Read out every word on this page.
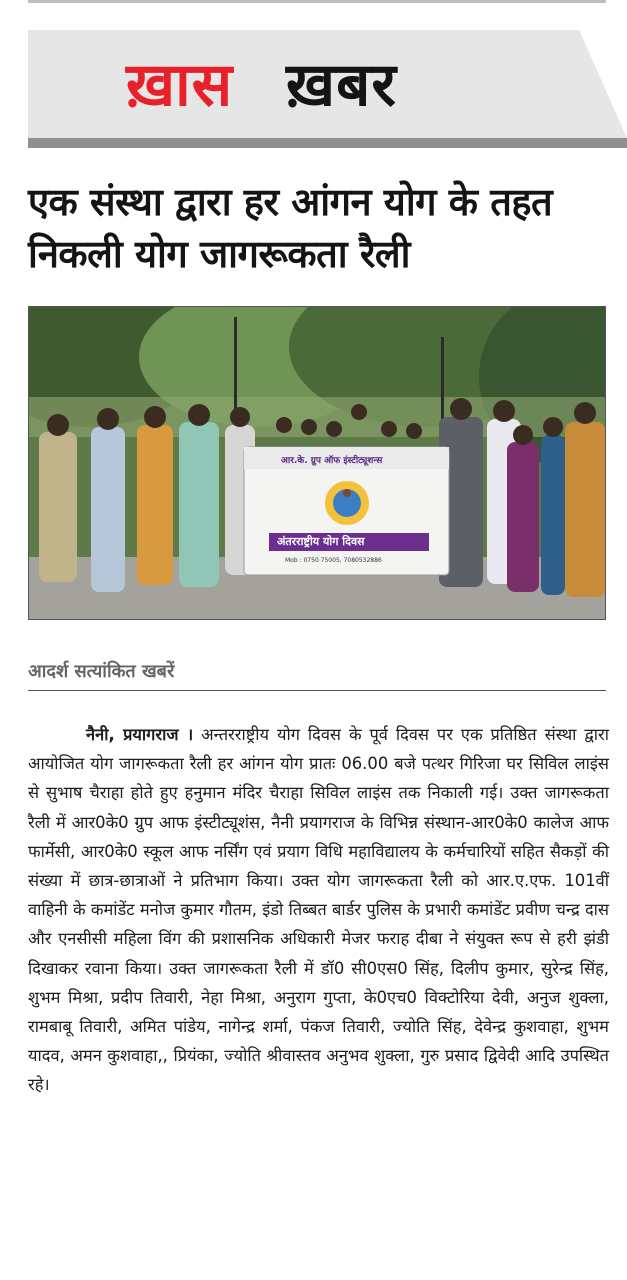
ख़ास ख़बर
एक संस्था द्वारा हर आंगन योग के तहत निकली योग जागरूकता रैली
आर.के. ग्रुप ऑफ इंस्टीट्यूशन्स
अंतरराष्ट्रीय योग दिवस
Mob : 0750 75005, 7080532886
आदर्श सत्यांकित खबरें

नैनी, प्रयागराज । अन्तरराष्ट्रीय योग दिवस के पूर्व दिवस पर एक प्रतिष्ठित संस्था द्वारा आयोजित योग जागरूकता रैली हर आंगन योग प्रातः 06.00 बजे पत्थर गिरिजा घर सिविल लाइंस से सुभाष चैराहा होते हुए हनुमान मंदिर चैराहा सिविल लाइंस तक निकाली गई। उक्त जागरूकता रैली में आर0के0 ग्रुप आफ इंस्टीट्यूशंस, नैनी प्रयागराज के विभिन्न संस्थान-आर0के0 कालेज आफ फार्मेसी, आर0के0 स्कूल आफ नर्सिंग एवं प्रयाग विधि महाविद्यालय के कर्मचारियों सहित सैकड़ों की संख्या में छात्र-छात्राओं ने प्रतिभाग किया। उक्त योग जागरूकता रैली को आर.ए.एफ. 101वीं वाहिनी के कमांडेंट मनोज कुमार गौतम, इंडो तिब्बत बार्डर पुलिस के प्रभारी कमांडेंट प्रवीण चन्द्र दास और एनसीसी महिला विंग की प्रशासनिक अधिकारी मेजर फराह दीबा ने संयुक्त रूप से हरी झंडी दिखाकर रवाना किया। उक्त जागरूकता रैली में डॉ0 सी0एस0 सिंह, दिलीप कुमार, सुरेन्द्र सिंह, शुभम मिश्रा, प्रदीप तिवारी, नेहा मिश्रा, अनुराग गुप्ता, के0एच0 विक्टोरिया देवी, अनुज शुक्ला, रामबाबू तिवारी, अमित पांडेय, नागेन्द्र शर्मा, पंकज तिवारी, ज्योति सिंह, देवेन्द्र कुशवाहा, शुभम यादव, अमन कुशवाहा,, प्रियंका, ज्योति श्रीवास्तव अनुभव शुक्ला, गुरु प्रसाद द्विवेदी आदि उपस्थित रहे।
